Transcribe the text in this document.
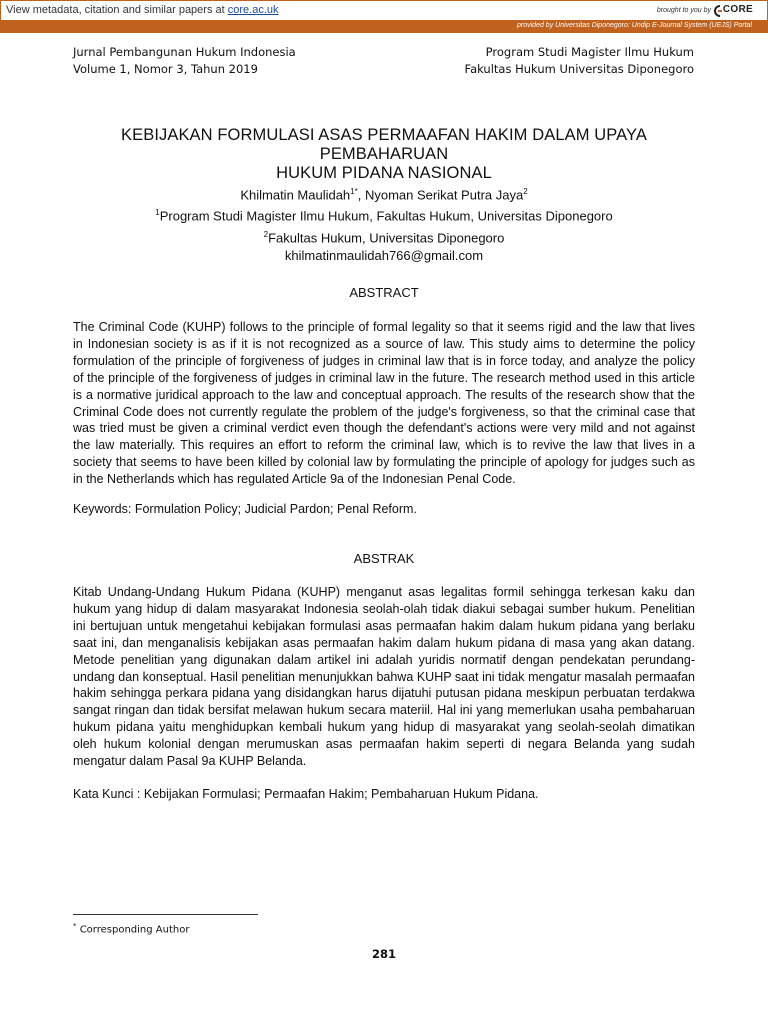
View metadata, citation and similar papers at core.ac.uk	brought to you by CORE
provided by Universitas Diponegoro: Undip E-Journal System (UEJS) Portal
Jurnal Pembangunan Hukum Indonesia
Volume 1, Nomor 3, Tahun 2019
Program Studi Magister Ilmu Hukum
Fakultas Hukum Universitas Diponegoro
KEBIJAKAN FORMULASI ASAS PERMAAFAN HAKIM DALAM UPAYA PEMBAHARUAN
HUKUM PIDANA NASIONAL
Khilmatin Maulidah$^{1*}$, Nyoman Serikat Putra Jaya$^2$
$^1$Program Studi Magister Ilmu Hukum, Fakultas Hukum, Universitas Diponegoro
$^2$Fakultas Hukum, Universitas Diponegoro
khilmatinmaulidah766@gmail.com
ABSTRACT
The Criminal Code (KUHP) follows to the principle of formal legality so that it seems rigid and the law that lives in Indonesian society is as if it is not recognized as a source of law. This study aims to determine the policy formulation of the principle of forgiveness of judges in criminal law that is in force today, and analyze the policy of the principle of the forgiveness of judges in criminal law in the future. The research method used in this article is a normative juridical approach to the law and conceptual approach. The results of the research show that the Criminal Code does not currently regulate the problem of the judge's forgiveness, so that the criminal case that was tried must be given a criminal verdict even though the defendant's actions were very mild and not against the law materially. This requires an effort to reform the criminal law, which is to revive the law that lives in a society that seems to have been killed by colonial law by formulating the principle of apology for judges such as in the Netherlands which has regulated Article 9a of the Indonesian Penal Code.
Keywords: Formulation Policy; Judicial Pardon; Penal Reform.
ABSTRAK
Kitab Undang-Undang Hukum Pidana (KUHP) menganut asas legalitas formil sehingga terkesan kaku dan hukum yang hidup di dalam masyarakat Indonesia seolah-olah tidak diakui sebagai sumber hukum. Penelitian ini bertujuan untuk mengetahui kebijakan formulasi asas permaafan hakim dalam hukum pidana yang berlaku saat ini, dan menganalisis kebijakan asas permaafan hakim dalam hukum pidana di masa yang akan datang. Metode penelitian yang digunakan dalam artikel ini adalah yuridis normatif dengan pendekatan perundang-undang dan konseptual. Hasil penelitian menunjukkan bahwa KUHP saat ini tidak mengatur masalah permaafan hakim sehingga perkara pidana yang disidangkan harus dijatuhi putusan pidana meskipun perbuatan terdakwa sangat ringan dan tidak bersifat melawan hukum secara materiil. Hal ini yang memerlukan usaha pembaharuan hukum pidana yaitu menghidupkan kembali hukum yang hidup di masyarakat yang seolah-seolah dimatikan oleh hukum kolonial dengan merumuskan asas permaafan hakim seperti di negara Belanda yang sudah mengatur dalam Pasal 9a KUHP Belanda.
Kata Kunci : Kebijakan Formulasi; Permaafan Hakim; Pembaharuan Hukum Pidana.
* Corresponding Author
281
